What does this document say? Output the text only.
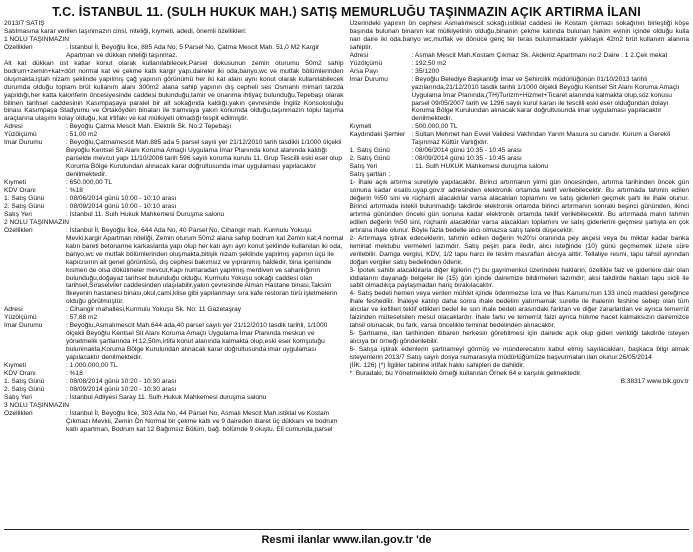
T.C. İSTANBUL 11. (SULH HUKUK MAH.) SATIŞ MEMURLUĞU TAŞINMAZIN AÇIK ARTIRMA İLANI

2013/7 SATIŞ

Satılmasına karar verilen taşınmazın cinsi, niteliği, kıymeti, adedi, önemli özellikleri:

1 NOLU TAŞINMAZIN

Özellikleri	: İstanbul İl, Beyoğlu İlce, 885 Ada No, 5 Parsel No, Çatma Mescit Mah. 51,0 M2 Kargir Apartman ve dükkan niteliği taşınmaz.

Alt kat dükkan üst katlar konut olarak kullanılabilecek,Parsel dokusunun zemin oturumu 50m2 sahip bodrum+zemin+kat+dört normal kat ve çekme katlı kargir yapı,daireler iki oda,banyo,wc ve mutfak bölümlerinden oluşmakta,iştah nizam şeklinde yapılmış çağ yapının görünümü her iki kat alanı aynı konut olarak kullanılabilecek durumda olduğu toplam brüt kullanım alanı 300m2 alana sahip yapının dış cepheli ses Osmanlı mimari tarzda yapıldığı,her katta kaloriferin öncesiyesinde caddesi bulunduğu,tamir ve onarıma ihtiyaç bulunduğu,Tepebaşı olarak bilinen tarihsel caddesinin Kasımpaşaya paralel bir alt sokağında kaldığı,yakın çevresinde İngiliz Konsolosluğu binası Kasımpaşa Stadyumu ve Ortaköyden binaları ile tramvaya yakın konumda olduğu,taşınmazın toplu taşıma araçlarına ulaşımı kolay olduğu, kat irtifakı ve kat mülkiyeti olmadığı tespit edilmiştir.

Adresi	: Beyoğlu Çatma Mescit Mah. Elektrik Sk. No:2 Tepebaşı
Yüzölçümü	: 51,00 m2
İmar Durumu	: Beyoğlu,Çatmamescit Mah.885 ada 5 parsel sayılı yer 21/12/2010 tarih tasdikli 1/1000 ölçekli Beyoğlu Kentsel Sit Alanı Koruma Amaçlı Uygulama İmar Planında konut alanında kaldığı parselde mevcut yapı 11/10/2006 tarih 596 sayılı koruma kurulu 11. Grup Tescilli eski eser olup Koruma Bölge Kurulundan alınacak karar doğrultusunda imar uygulaması yapılacaktır denilmektedir.
Kıymeti	: 650.000,00 TL
KDV Oranı	: %18
1. Satış Günü	: 08/06/2014 günü 10:00 - 10:10 arası
2. Satış Günü	: 08/09/2014 günü 10:00 - 10:10 arası
Satış Yeri	: İstanbul 11. Sulh Hukuk Mahkemesi Duruşma salonu

2 NOLU TAŞINMAZIN

Özellikleri	: İstanbul İl, Beyoğlu İlce, 644 Ada No, 40 Parsel No, Cihangir mah. Kurmulu Yokuşu Mevki,kargir Apartman niteliği, Zemin oturum 50m2 alana sahip bodrum kat Zemin kat,4 normal katın bareti betonarme karkaslarda yapı olup her katı ayrı ayrı konut şeklinde kullanılan iki oda, banyo,wc ve mutfak bölümlerinden oluşmakta,bitişik nizam şeklinde yapılmış yapının üçü ile kapıcısının ait genel görüntüsü, dış cephesi bakımsız ve yıpranmış haldedir, bina içerisinde kısmen de olsa dökülmeler mevcut,Kapı numaradan yapılmış merdiven ve sahanlığının bulunduğu,doğayaz tarihsel bulunduğu olduğu, Kurmulu Yokuşu sokağı caddesi olan tarihsel,Sıraselviler caddesinden ulaşılabilir,yakın çevresinde Alman Hastane binası,Taksim İlkeyenin hastanesi binası,okul,cami,klise gibi yapılanmayı sıra kafe restoran türü işletmelerin olduğu görülmüştür.
Adresi	: Cihangir mahallesi,Kurmulu Yokuşu Sk. No: 11 Gazetaşray
Yüzölçümü	: 57,88 m2
İmar Durumu	: Beyoğlu,Asmalımescit Mah.644 ada,40 parsel sayılı yer 21/12/2010 tasdik tarihli, 1/1000 ölçekli Beyoğlu Kentsel Sit Alanı Koruma Amaçlı Uygulama İmar Planında meskun ve yönetmelik şartlarında H:12,50m,irtifa konut alanında kalmakta olup,eski eser komşuluğu bulunmakta,Koruma Bölge Kurulundan alınacak karar doğrultusunda imar uygulaması yapılacaktır denilmektedir.
Kıymeti	: 1.000.000,00 TL
KDV Oranı	: %18
1. Satış Günü	: 08/08/2014 günü 10:20 - 10:30 arası
2. Satış Günü	: 08/09/2014 günü 10:20 - 10:30 arası
Satış Yeri	: İstanbul Adliyesi Saray 11. Sulh Hukuk Mahkemesi duruşma salonu

3 NOLU TAŞINMAZIN

Özellikleri	: İstanbul İl, Beyoğlu İlce, 303 Ada No, 44 Parsel No, Asmalı Mescit Mah.istiklal ve Kostam Çıkmazı Mevkii, Zemin Ön Normal bir çekme katlı ve 9 daireden ibaret üç dükkanı ve bodrum katlı apartman, Bodrum kat 12 Bağımsız Bölüm, bağ. bölümde 9 oluştu. Eli cumunda,parsel

Üzerindeki yapının ön cephesi Asmalımescit sokağı,istiklal caddesi ile Kostam çıkmazı sokağının birleştiği köşe başında bulunan binanın kat mülkiyetinin olduğu,binanın çekme katında bulunan hakim evinin içinde olduğu kulla nan daire iki oda,banyo wc,mutfak ve dönüce genç ter teras bulunmaktadır yaklaşık 42m2 brüt kullanım alanına sahiptir.

Adresi	: Asmalı Mescit Mah.Kostam Çıkmaz Sk. Akdeniz Apartmanı no:2 Daire : 1 2.Çek mekat
Yüzölçümü	: 192,50 m2
Arsa Payı	: 35/1200
İmar Durumu	: Beyoğlu Belediye Başkanlığı İmar ve Şehircilik müdürlüğünün 01/10/2013 tarihli yazılarında,21/12/2010 tasdik tarihli 1/1000 ölçekli Beyoğlu Kentsel Sit Alanı Koruma Amaçlı Uygulama İmar Planında,(TH)Turizm+Hizmet+Ticaret alanında kalmakta olup,söz konusu parsel 09/05/2007 tarih ve 1296 sayılı kurul kararı ile tescilli eski eser olduğundan dolayı Koruma Bölge Kurulundan alınacak karar doğrultusunda imar uygulaması yapılacaktır denilmektedir.
Kıymeti	: 500.000,00 TL
Kaydındaki Şerhler : Sultan Mehmet han Evvel Validesi Vakfından Yarım Masura su canıdır. Kurum a Gerekli Taşınmaz Kültür Varlığıdır.
1. Satış Günü	: 08/06/2014 günü 10:35 - 10:45 arası
2. Satış Günü	: 08/09/2014 günü 10:35 - 10:45 arası
Satış Yeri	: 11. Sulh HUKUK Mahkemesi duruşma salonu

Satış şartları :

1- İhale açık artırma suretiyle yapılacaktır. Birinci artırmanın yirmi gün öncesinden, artırma tarihinden öncek gün sonuna kadar esatis.uyap.gov.tr adresinden elektronik ortamda teklif verilebilecektir. Bu artırmada tahmin edilen değerin %50 sini ve rüçhanlı alacaklılar varsa alacakları toplamını ve satış giderleri geçmek şartı ile ihale olunur. Birinci artırmada istekli bulunmadığı takdirde elektronik ortamda birinci artırmanın sonraki beşinci gününden, ikinci artırma gününden önceki gün sonuna kadar elektronik ortamda teklif verilebilecektir. Bu artırmada malın tahmin edilen değerin %50 sini, rüçhanlı alacaklılar varsa alacakları toplamını ve satış giderlerini geçmesi şartıyla en çok artırana ihale olunur. Böyle fazla bedelle alıcı olmazsa satış talebi düşecektir.

2- Artırmaya iştirak edeceklerin, tahmin edilen değerin %20'si oranında pey akçesi veya bu miktar kadar banka teminat mektubu vermeleri lazımdır. Satış peşin para iledir, alıcı isteğinde (10) günü geçmemek üzere süre verilebilir. Damga vergisi, KDV, 1/2 tapu harcı ile teslim masrafları alıcıya aittir. Tellaliye resmi, tapu tahsil ayrından doğan vergiler satış bedelinden ödenir.

3- İpotek sahibi alacaklılarla diğer ilgilerin (*) bu gayrimenkul üzerindeki hakların, özellikle faiz ve giderlere dair olan iddialarını dayanağı belgeler ile (15) gün içinde dairemize bildirmeleri lazımdır; aksi takdirde hakları tapu sicili ile sabit olmadıkça paylaşmadan hariç bırakılacaktır.

4- Satış bedeli hemen veya verilen mühlet içinde ödenmezse İcra ve İflas Kanunu'nun 133 üncü maddesi gereğince ihale feshedilir. İhaleye katılıp daha sonra ihale bedelini yatırmamak suretle ile ihalenin feshine sebep olan tüm alıcılar ve kefilleri teklif ettikleri bedel ile son ihale bedeli arasındaki farktan ve diğer zararlardan ve ayrıca temerrüt faizinden müteselsilen mesul olacaklardır. İhale farkı ve temerrüt faizi ayrıca hükme hacet kalmaksızın dairemizce tahsil olunacak, bu fark, varsa öncelikle teminat bedelinden alınacaktır.

5- Şartname, ilan tarihinden itibaren herkesin görebilmesi için dairede açık olup gideri verildiği takdirde isteyen alıcıya bir örneği gönderilebilir.

6- Satışa iştirak edenlerin şartnameyi görmüş ve münderecatını kabul etmiş sayılacakları, başkaca bilgi almak isteyenlerin 2013/7 Satış sayılı dosya numarasıyla müdürlüğümüze başvurmaları ilan olunur.26/05/2014

(İİK. 126) (*) İlgililer tabirine irtifak hakkı sahipleri de dahildir.

*: Buradaki, bu Yönetmelikteki örneği kullanılan Örnek 64 e karşılık gelmektedir.

B:38317 www.bik.gov.tr

Resmi ilanlar www.ilan.gov.tr 'de
